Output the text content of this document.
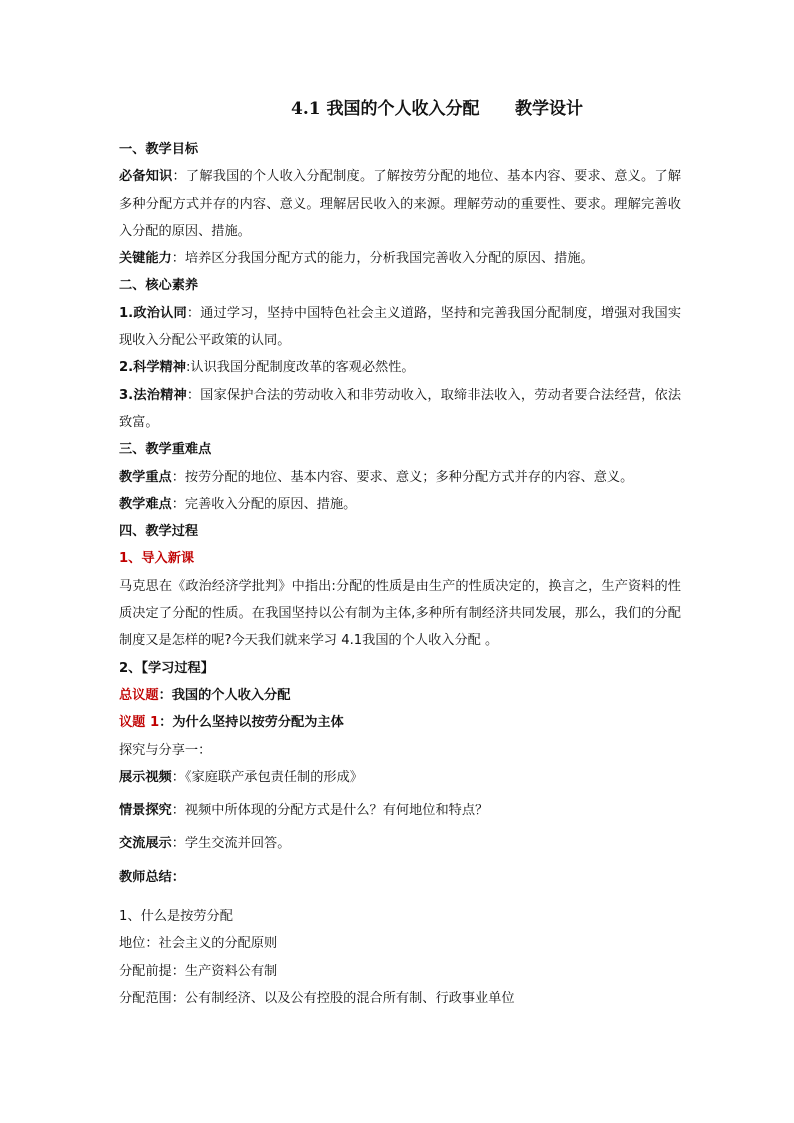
4.1 我国的个人收入分配      教学设计

一、教学目标

必备知识：了解我国的个人收入分配制度。了解按劳分配的地位、基本内容、要求、意义。了解多种分配方式并存的内容、意义。理解居民收入的来源。理解劳动的重要性、要求。理解完善收入分配的原因、措施。

关键能力：培养区分我国分配方式的能力，分析我国完善收入分配的原因、措施。

二、核心素养

1.政治认同：通过学习，坚持中国特色社会主义道路，坚持和完善我国分配制度，增强对我国实现收入分配公平政策的认同。

2.科学精神:认识我国分配制度改革的客观必然性。

3.法治精神：国家保护合法的劳动收入和非劳动收入，取缔非法收入，劳动者要合法经营，依法致富。

三、教学重难点

教学重点：按劳分配的地位、基本内容、要求、意义；多种分配方式并存的内容、意义。

教学难点：完善收入分配的原因、措施。

四、教学过程

1、导入新课

马克思在《政治经济学批判》中指出:分配的性质是由生产的性质决定的，换言之，生产资料的性质决定了分配的性质。在我国坚持以公有制为主体,多种所有制经济共同发展，那么，我们的分配制度又是怎样的呢?今天我们就来学习 4.1我国的个人收入分配 。

2、【学习过程】

总议题：我国的个人收入分配

议题 1：为什么坚持以按劳分配为主体

探究与分享一：

展示视频：《家庭联产承包责任制的形成》

情景探究：视频中所体现的分配方式是什么？有何地位和特点？

交流展示：学生交流并回答。

教师总结：

1、什么是按劳分配

地位：社会主义的分配原则

分配前提：生产资料公有制

分配范围：公有制经济、以及公有控股的混合所有制、行政事业单位
